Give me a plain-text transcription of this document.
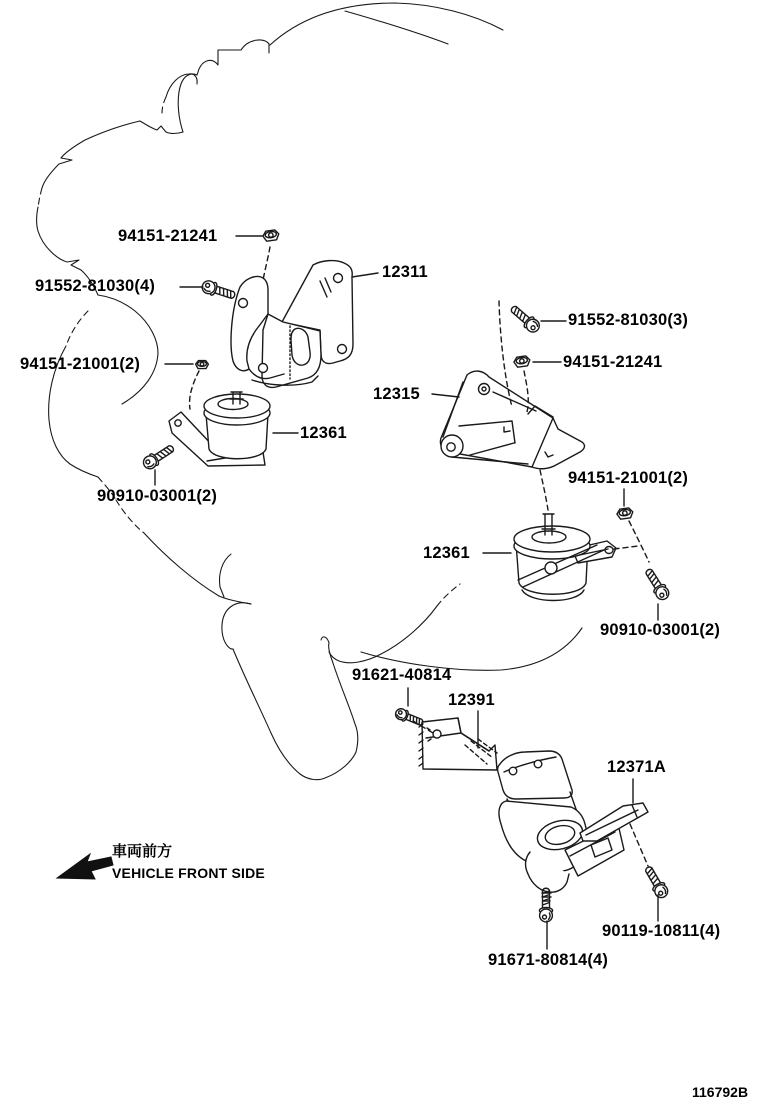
94151-21241
12311
91552-81030(4)
94151-21001(2)
12361
90910-03001(2)
12315
91552-81030(3)
94151-21241
94151-21001(2)
12361
90910-03001(2)
91621-40814
12391
12371A
90119-10811(4)
91671-80814(4)
車両前方
VEHICLE FRONT SIDE
116792B
